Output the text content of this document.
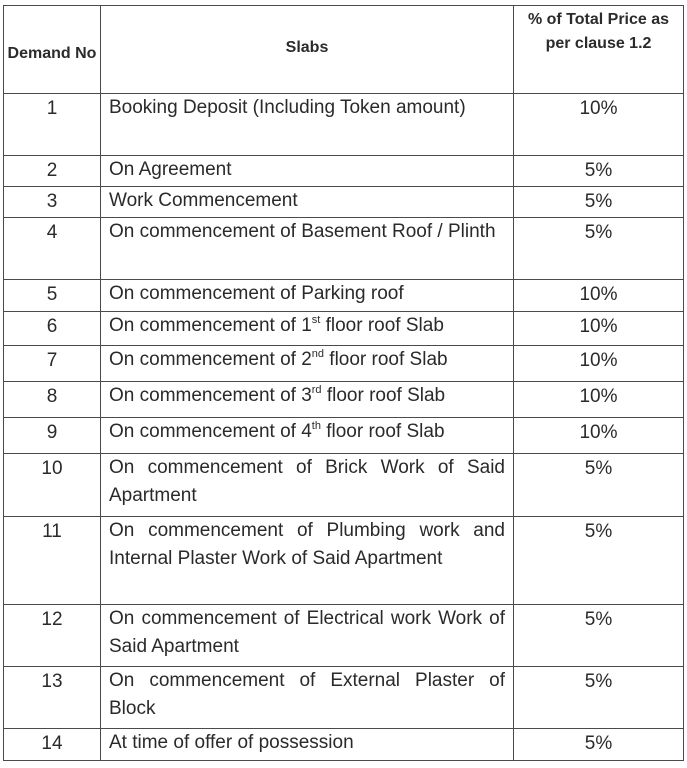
Demand No	Slabs	% of Total Price as per clause 1.2
1	Booking Deposit (Including Token amount)	10%
2	On Agreement	5%
3	Work Commencement	5%
4	On commencement of Basement Roof / Plinth	5%
5	On commencement of Parking roof	10%
6	On commencement of 1st floor roof Slab	10%
7	On commencement of 2nd floor roof Slab	10%
8	On commencement of 3rd floor roof Slab	10%
9	On commencement of 4th floor roof Slab	10%
10	On commencement of Brick Work of Said Apartment	5%
11	On commencement of Plumbing work and Internal Plaster Work of Said Apartment	5%
12	On commencement of Electrical work Work of Said Apartment	5%
13	On commencement of External Plaster of Block	5%
14	At time of offer of possession	5%
